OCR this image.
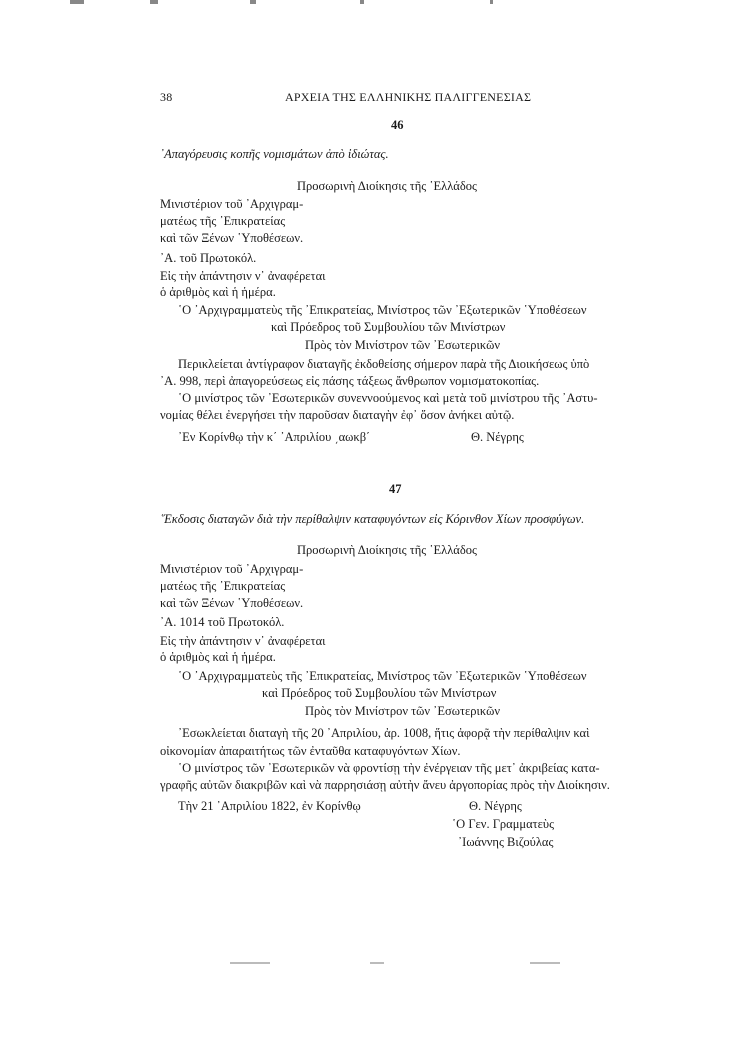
38	ΑΡΧΕΙΑ ΤΗΣ ΕΛΛΗΝΙΚΗΣ ΠΑΛΙΓΓΕΝΕΣΙΑΣ
46
᾿Απαγόρευσις κοπῆς νομισμάτων ἀπὸ ἰδιώτας.
Προσωρινὴ Διοίκησις τῆς ῾Ελλάδος
Μινιστέριον τοῦ ᾿Αρχιγραμ-
ματέως τῆς ᾿Επικρατείας
καὶ τῶν Ξένων ῾Υποθέσεων.
᾿Α. τοῦ Πρωτοκόλ.
Εἰς τὴν ἀπάντησιν ν᾿ ἀναφέρεται
ὁ ἀριθμὸς καὶ ἡ ἡμέρα.
῾Ο ᾿Αρχιγραμματεὺς τῆς ᾿Επικρατείας, Μινίστρος τῶν ᾿Εξωτερικῶν ῾Υποθέσεων
καὶ Πρόεδρος τοῦ Συμβουλίου τῶν Μινίστρων
Πρὸς τὸν Μινίστρον τῶν ᾿Εσωτερικῶν
Περικλείεται ἀντίγραφον διαταγῆς ἐκδοθείσης σήμερον παρὰ τῆς Διοικήσεως ὑπὸ
᾿Α. 998, περὶ ἀπαγορεύσεως εἰς πάσης τάξεως ἄνθρωπον νομισματοκοπίας.
῾Ο μινίστρος τῶν ᾿Εσωτερικῶν συνεννοούμενος καὶ μετὰ τοῦ μινίστρου τῆς ᾿Αστυ-
νομίας θέλει ἐνεργήσει τὴν παροῦσαν διαταγὴν ἐφ᾿ ὅσον ἀνήκει αὐτῷ.
᾿Εν Κορίνθῳ τὴν κ΄ ᾿Απριλίου ͵αωκβ΄	Θ. Νέγρης
47
῞Εκδοσις διαταγῶν διὰ τὴν περίθαλψιν καταφυγόντων εἰς Κόρινθον Χίων προσφύγων.
Προσωρινὴ Διοίκησις τῆς ῾Ελλάδος
Μινιστέριον τοῦ ᾿Αρχιγραμ-
ματέως τῆς ᾿Επικρατείας
καὶ τῶν Ξένων ῾Υποθέσεων.
᾿Α. 1014 τοῦ Πρωτοκόλ.
Εἰς τὴν ἀπάντησιν ν᾿ ἀναφέρεται
ὁ ἀριθμὸς καὶ ἡ ἡμέρα.
῾Ο ᾿Αρχιγραμματεὺς τῆς ᾿Επικρατείας, Μινίστρος τῶν ᾿Εξωτερικῶν ῾Υποθέσεων
καὶ Πρόεδρος τοῦ Συμβουλίου τῶν Μινίστρων
Πρὸς τὸν Μινίστρον τῶν ᾿Εσωτερικῶν
᾿Εσωκλείεται διαταγὴ τῆς 20 ᾿Απριλίου, ἀρ. 1008, ἥτις ἀφορᾷ τὴν περίθαλψιν καὶ
οἰκονομίαν ἀπαραιτήτως τῶν ἐνταῦθα καταφυγόντων Χίων.
῾Ο μινίστρος τῶν ᾿Εσωτερικῶν νὰ φροντίσῃ τὴν ἐνέργειαν τῆς μετ᾿ ἀκριβείας κατα-
γραφῆς αὐτῶν διακριβῶν καὶ νὰ παρρησιάσῃ αὐτὴν ἄνευ ἀργοπορίας πρὸς τὴν Διοίκησιν.
Τὴν 21 ᾿Απριλίου 1822, ἐν Κορίνθῳ	Θ. Νέγρης
῾Ο Γεν. Γραμματεὺς
᾿Ιωάννης Βιζούλας
